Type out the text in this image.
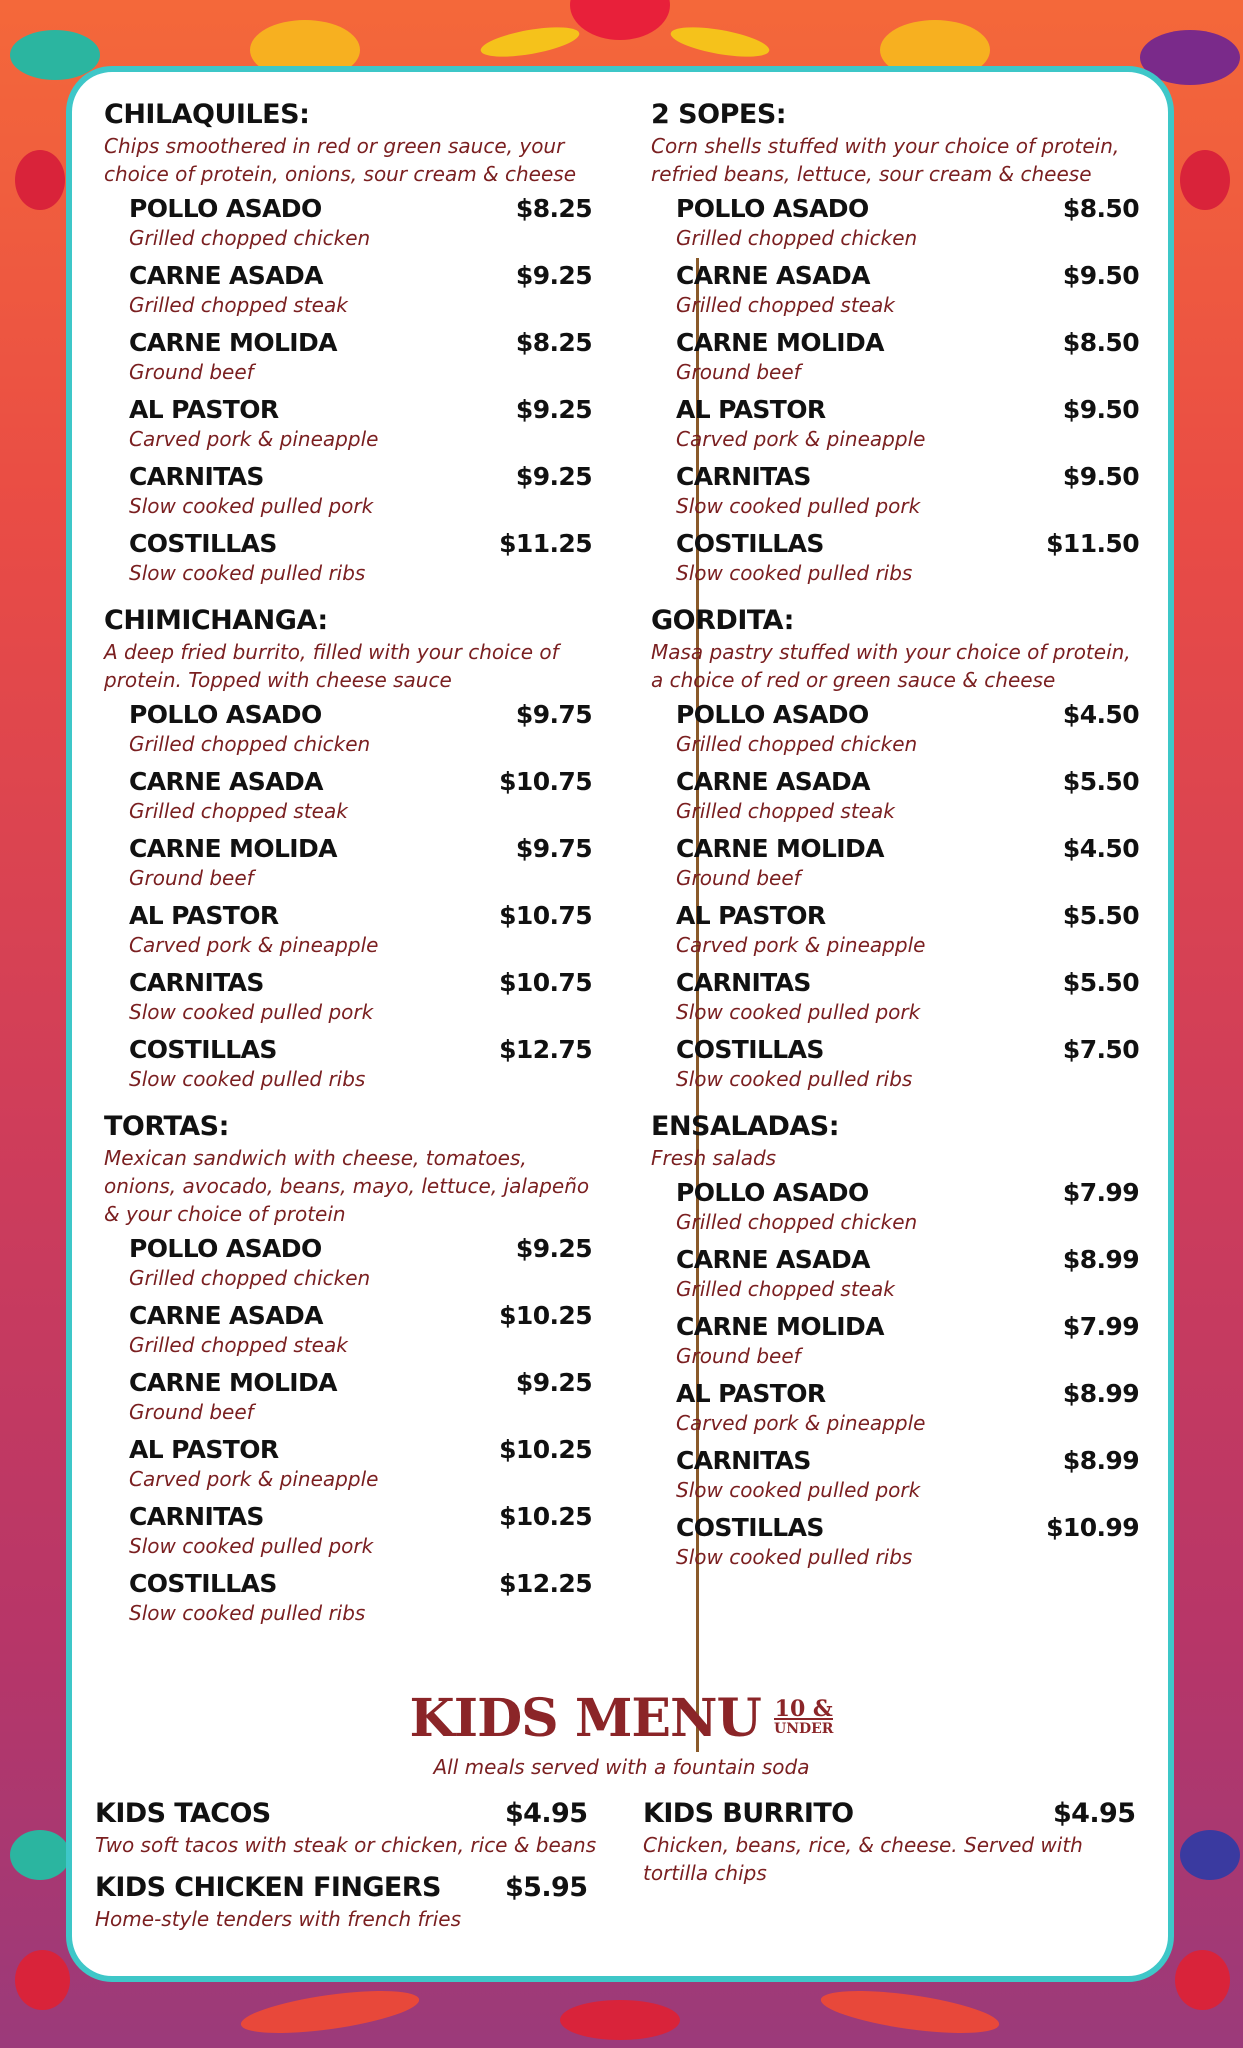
CHILAQUILES:
Chips smoothered in red or green sauce, your choice of protein, onions, sour cream & cheese
POLLO ASADO	$8.25
Grilled chopped chicken
CARNE ASADA	$9.25
Grilled chopped steak
CARNE MOLIDA	$8.25
Ground beef
AL PASTOR	$9.25
Carved pork & pineapple
CARNITAS	$9.25
Slow cooked pulled pork
COSTILLAS	$11.25
Slow cooked pulled ribs
CHIMICHANGA:
A deep fried burrito, filled with your choice of protein. Topped with cheese sauce
POLLO ASADO	$9.75
Grilled chopped chicken
CARNE ASADA	$10.75
Grilled chopped steak
CARNE MOLIDA	$9.75
Ground beef
AL PASTOR	$10.75
Carved pork & pineapple
CARNITAS	$10.75
Slow cooked pulled pork
COSTILLAS	$12.75
Slow cooked pulled ribs
TORTAS:
Mexican sandwich with cheese, tomatoes, onions, avocado, beans, mayo, lettuce, jalapeño & your choice of protein
POLLO ASADO	$9.25
Grilled chopped chicken
CARNE ASADA	$10.25
Grilled chopped steak
CARNE MOLIDA	$9.25
Ground beef
AL PASTOR	$10.25
Carved pork & pineapple
CARNITAS	$10.25
Slow cooked pulled pork
COSTILLAS	$12.25
Slow cooked pulled ribs
2 SOPES:
Corn shells stuffed with your choice of protein, refried beans, lettuce, sour cream & cheese
POLLO ASADO	$8.50
Grilled chopped chicken
CARNE ASADA	$9.50
Grilled chopped steak
CARNE MOLIDA	$8.50
Ground beef
AL PASTOR	$9.50
Carved pork & pineapple
CARNITAS	$9.50
Slow cooked pulled pork
COSTILLAS	$11.50
Slow cooked pulled ribs
GORDITA:
Masa pastry stuffed with your choice of protein, a choice of red or green sauce & cheese
POLLO ASADO	$4.50
Grilled chopped chicken
CARNE ASADA	$5.50
Grilled chopped steak
CARNE MOLIDA	$4.50
Ground beef
AL PASTOR	$5.50
Carved pork & pineapple
CARNITAS	$5.50
Slow cooked pulled pork
COSTILLAS	$7.50
Slow cooked pulled ribs
ENSALADAS:
Fresh salads
POLLO ASADO	$7.99
Grilled chopped chicken
CARNE ASADA	$8.99
Grilled chopped steak
CARNE MOLIDA	$7.99
Ground beef
AL PASTOR	$8.99
Carved pork & pineapple
CARNITAS	$8.99
Slow cooked pulled pork
COSTILLAS	$10.99
Slow cooked pulled ribs
KIDS MENU 10 &
UNDER
All meals served with a fountain soda
KIDS TACOS	$4.95
Two soft tacos with steak or chicken, rice & beans
KIDS CHICKEN FINGERS	$5.95
Home-style tenders with french fries
KIDS BURRITO	$4.95
Chicken, beans, rice, & cheese. Served with tortilla chips
